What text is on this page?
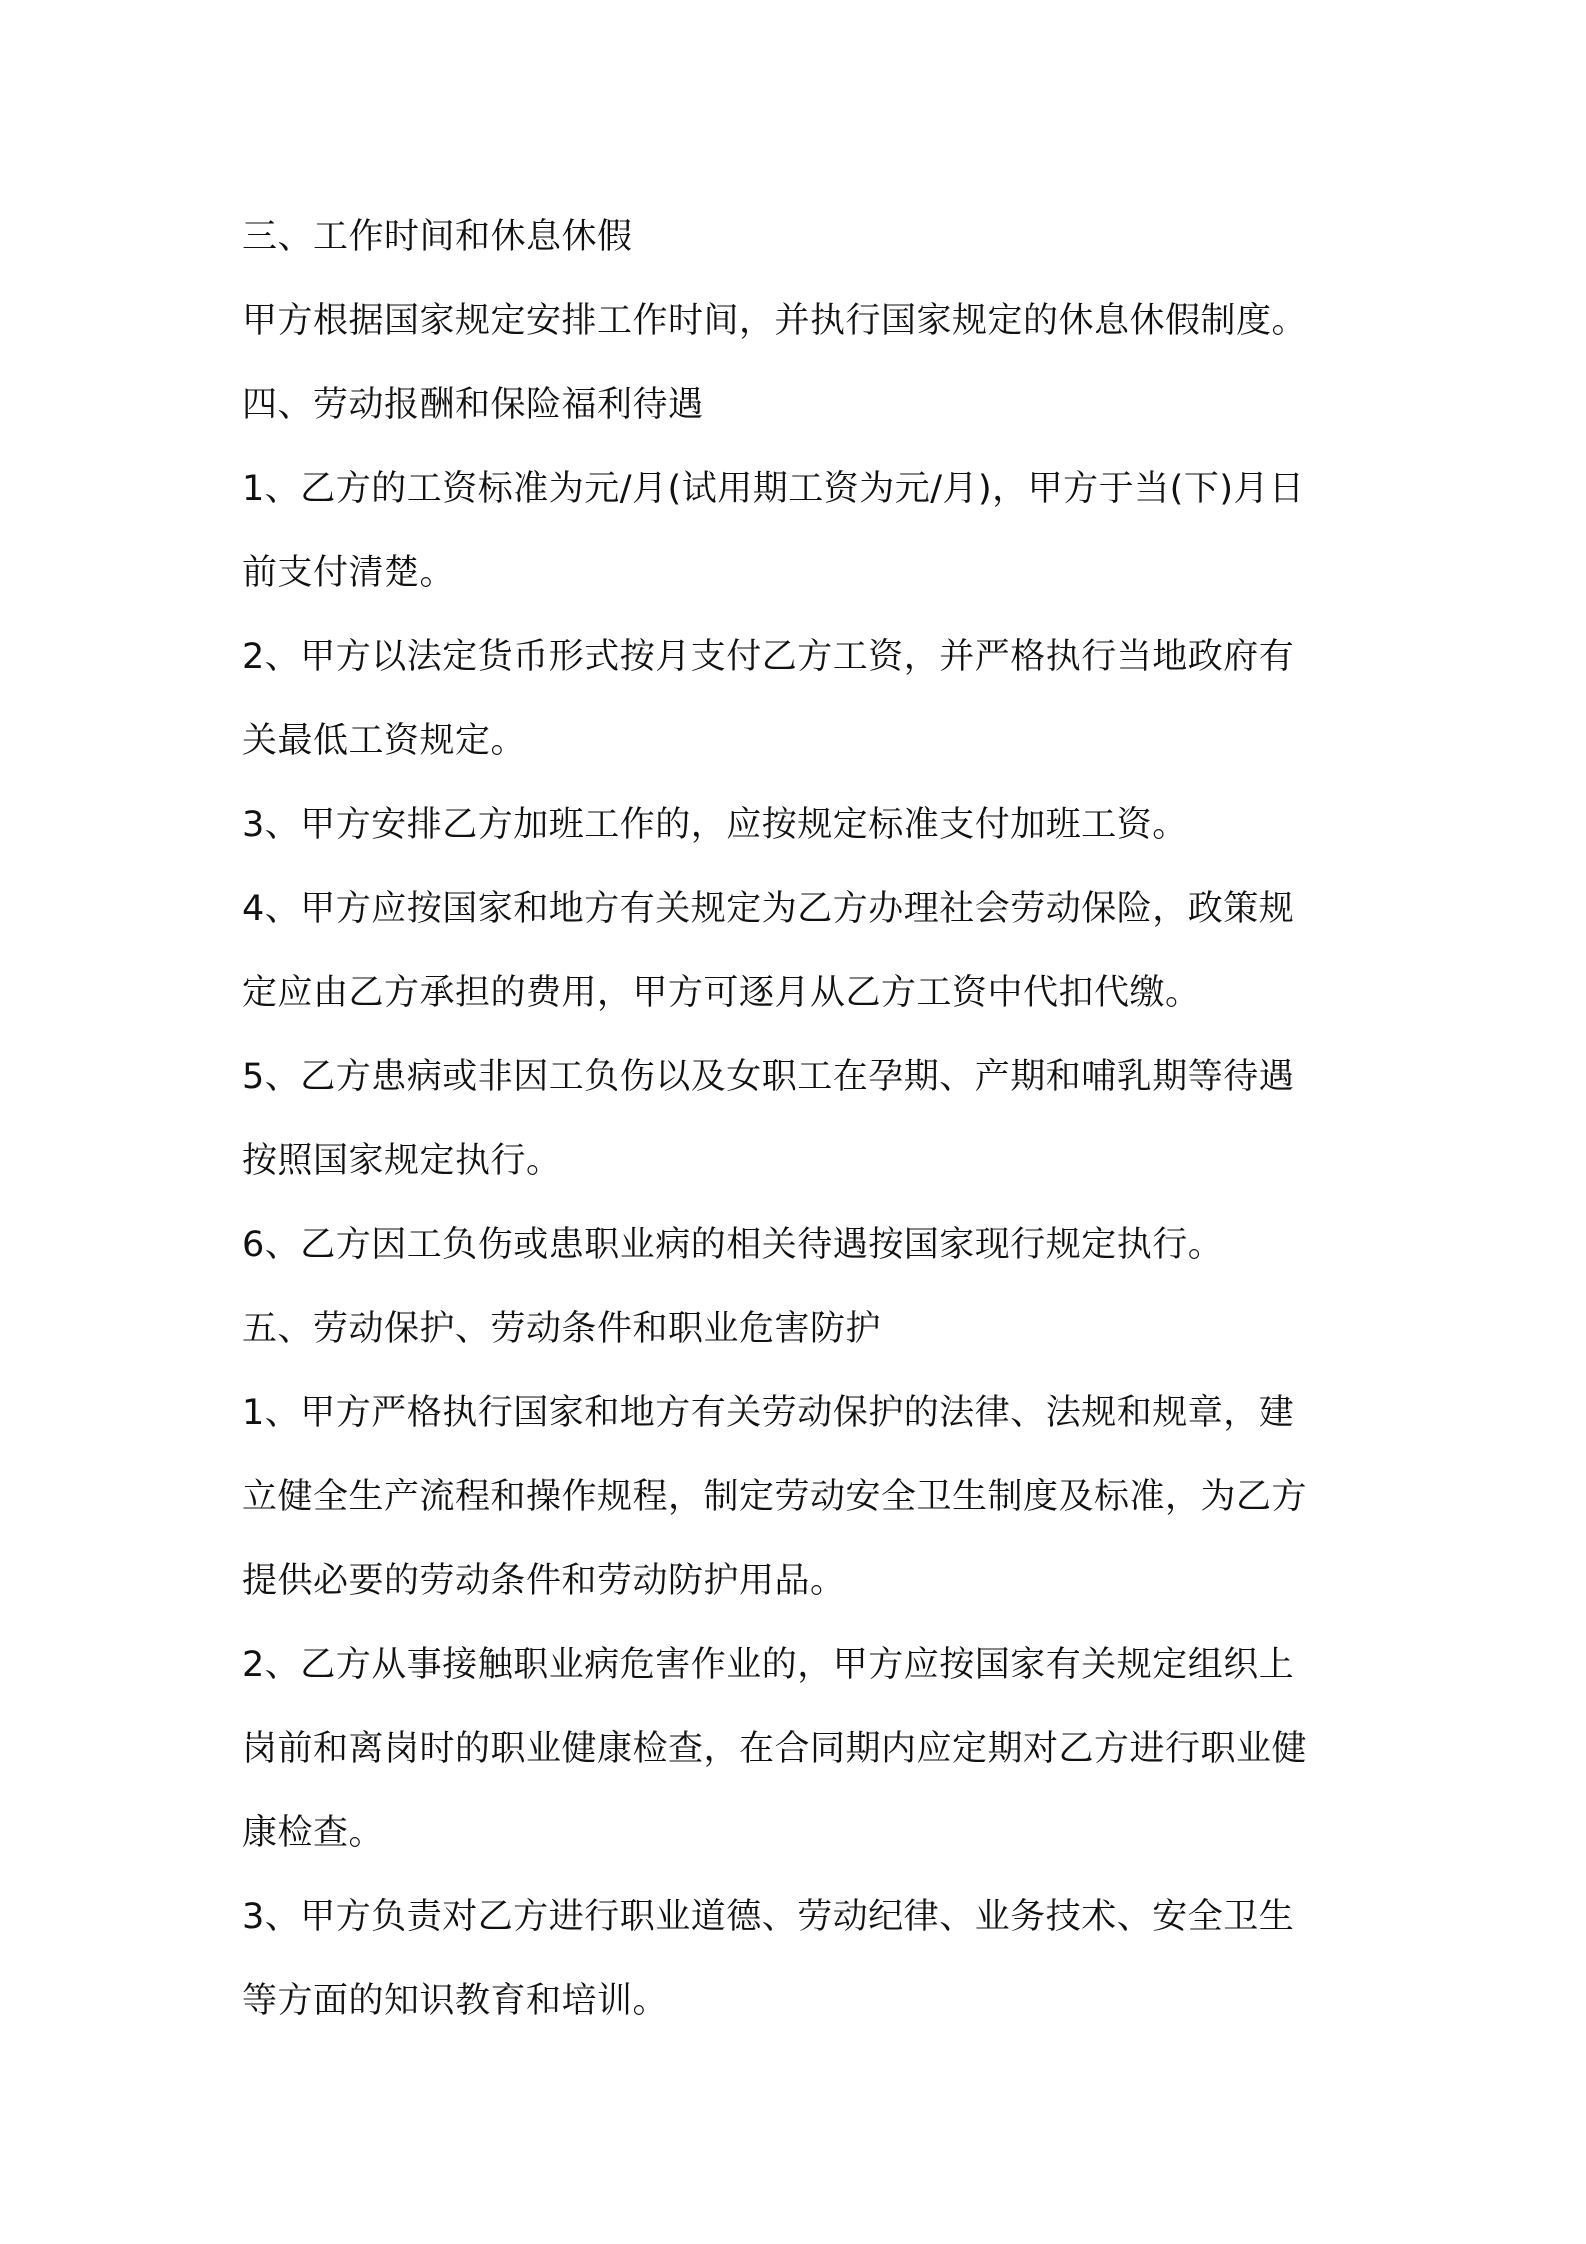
三、工作时间和休息休假
甲方根据国家规定安排工作时间，并执行国家规定的休息休假制度。
四、劳动报酬和保险福利待遇
1、乙方的工资标准为元/月(试用期工资为元/月)，甲方于当(下)月日
前支付清楚。
2、甲方以法定货币形式按月支付乙方工资，并严格执行当地政府有
关最低工资规定。
3、甲方安排乙方加班工作的，应按规定标准支付加班工资。
4、甲方应按国家和地方有关规定为乙方办理社会劳动保险，政策规
定应由乙方承担的费用，甲方可逐月从乙方工资中代扣代缴。
5、乙方患病或非因工负伤以及女职工在孕期、产期和哺乳期等待遇
按照国家规定执行。
6、乙方因工负伤或患职业病的相关待遇按国家现行规定执行。
五、劳动保护、劳动条件和职业危害防护
1、甲方严格执行国家和地方有关劳动保护的法律、法规和规章，建
立健全生产流程和操作规程，制定劳动安全卫生制度及标准，为乙方
提供必要的劳动条件和劳动防护用品。
2、乙方从事接触职业病危害作业的，甲方应按国家有关规定组织上
岗前和离岗时的职业健康检查，在合同期内应定期对乙方进行职业健
康检查。
3、甲方负责对乙方进行职业道德、劳动纪律、业务技术、安全卫生
等方面的知识教育和培训。
